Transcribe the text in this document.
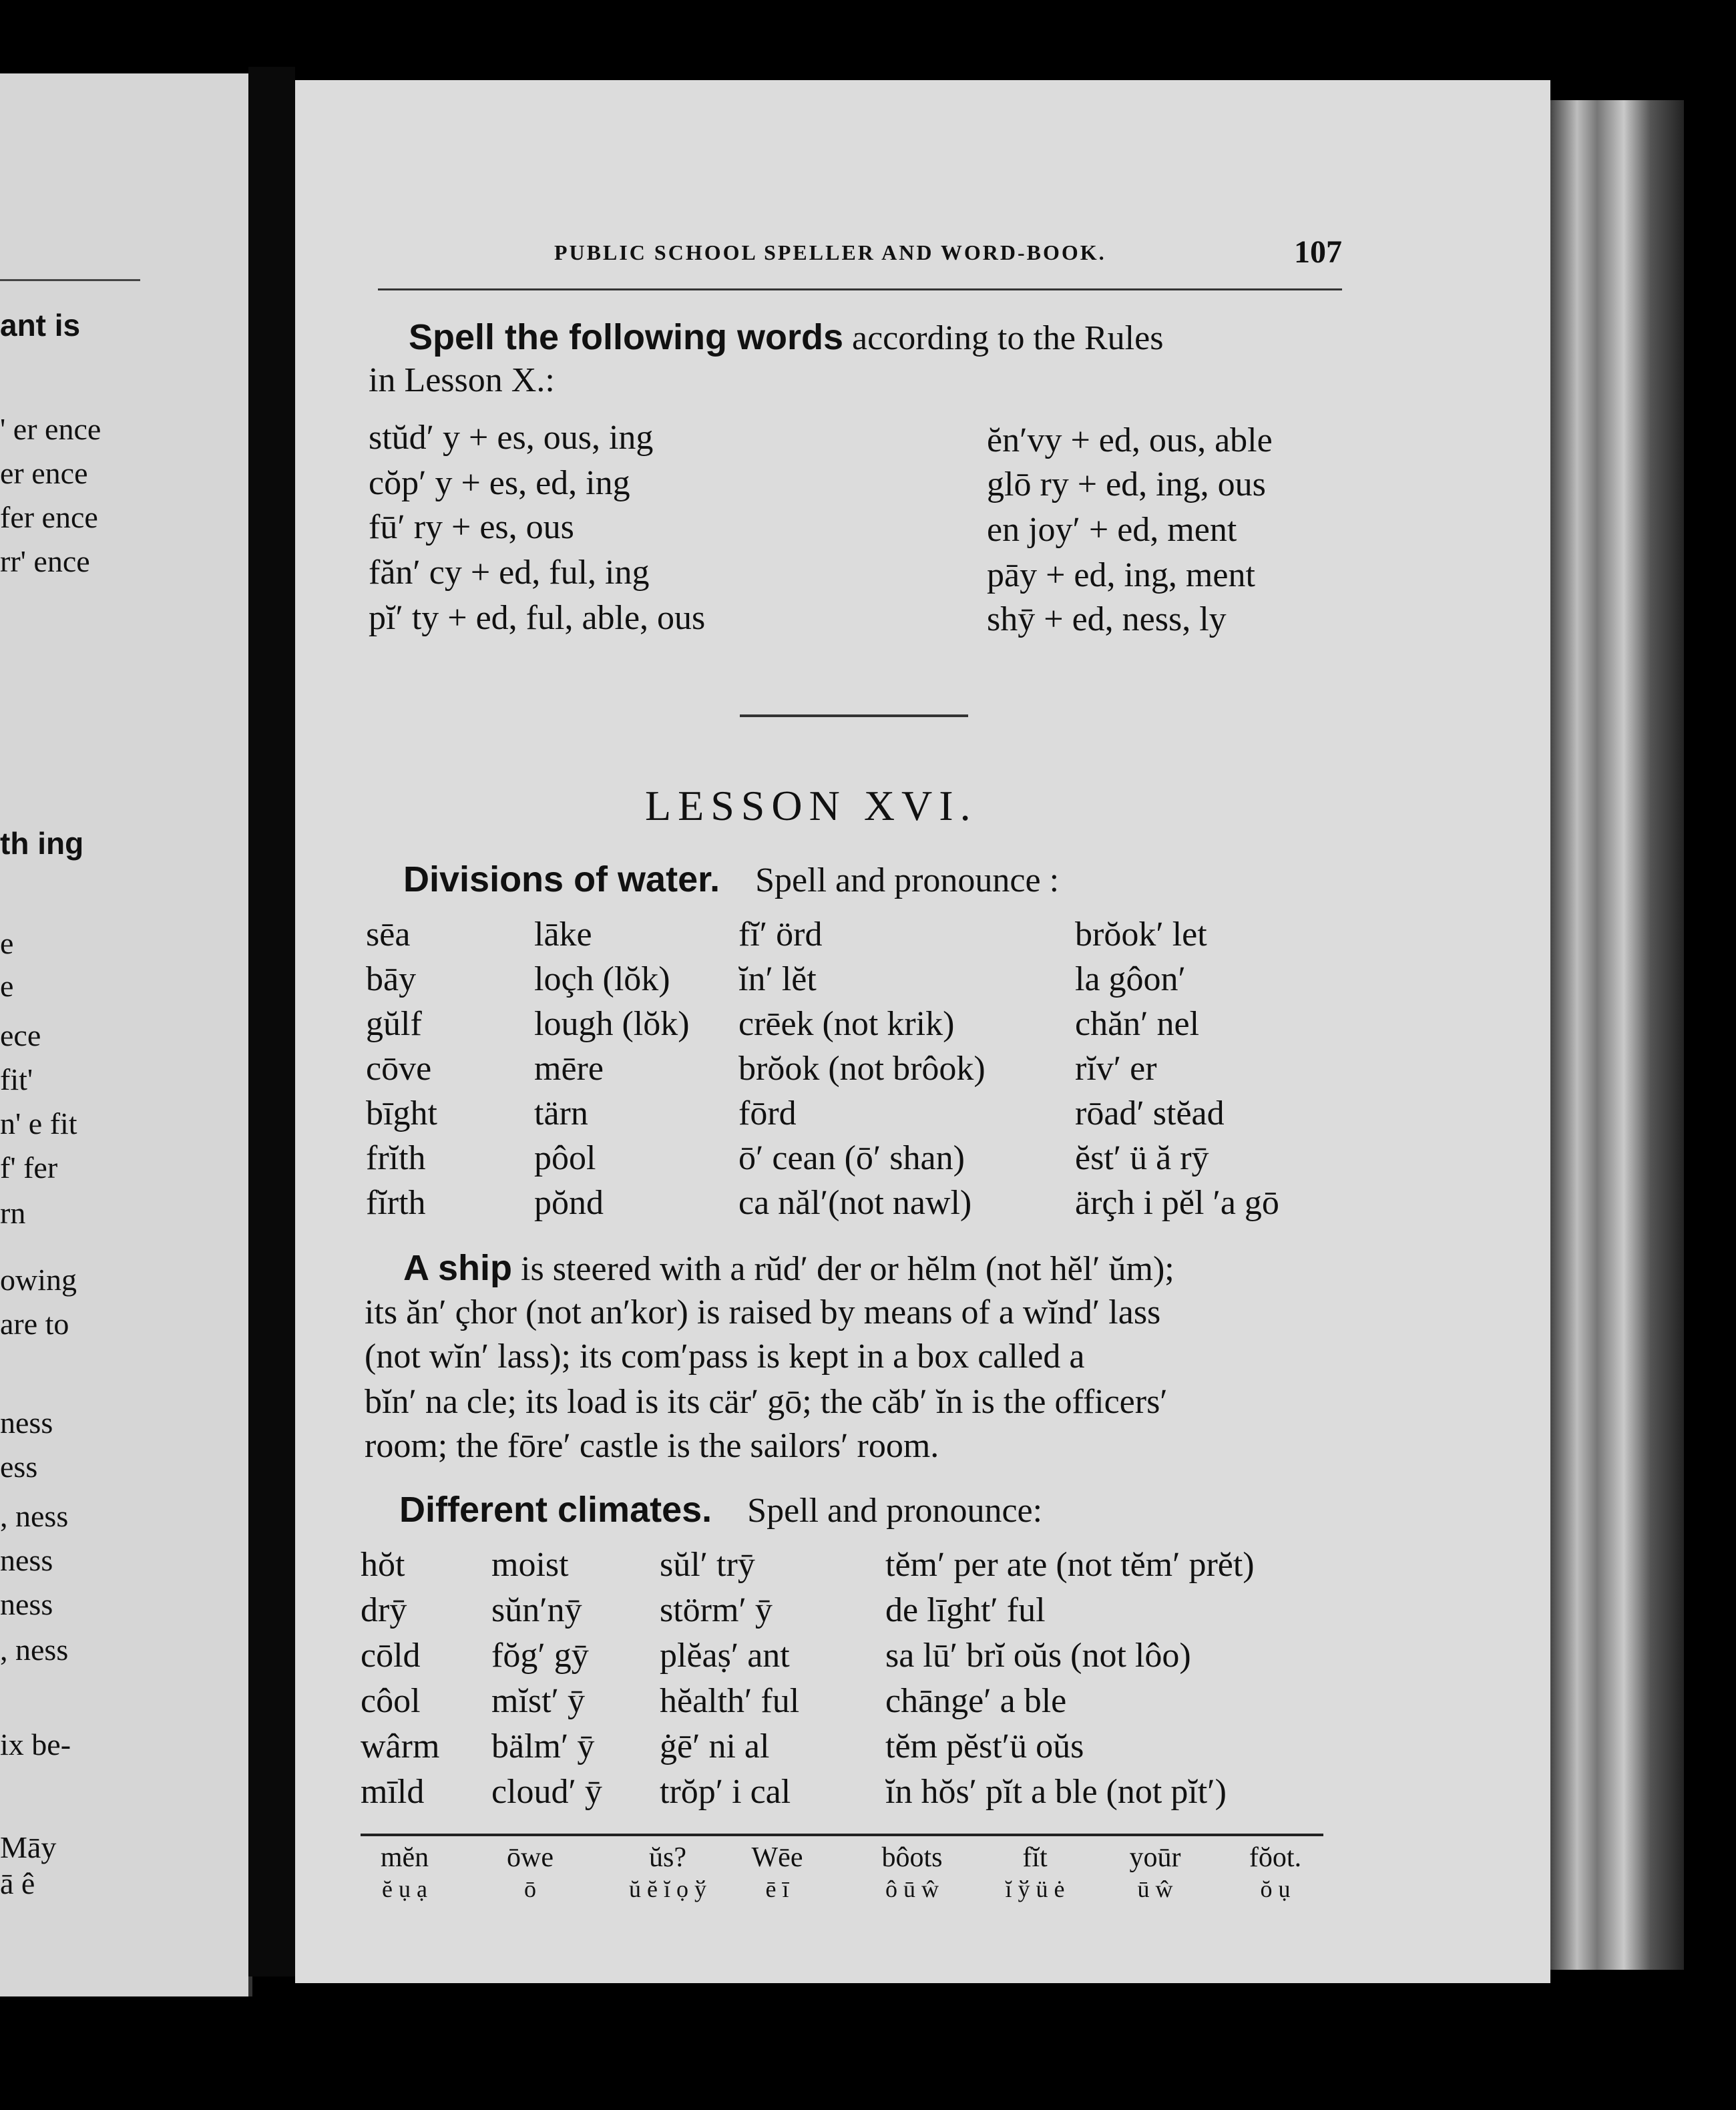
ant is
' er ence
er ence
fer ence
rr' ence
th ing
e
e
ece
fit'
n' e fit
f' fer
rn
owing
are to
ness
ess
, ness
ness
ness
, ness
ix be-
Māy
ā ê
PUBLIC SCHOOL SPELLER AND WORD-BOOK.	107
Spell the following words according to the Rules
in Lesson X.:
stŭd′ y + es, ous, ing
cŏp′ y + es, ed, ing
fū′ ry + es, ous
făn′ cy + ed, ful, ing
pĭ′ ty + ed, ful, able, ous
ĕn′vy + ed, ous, able
glō ry + ed, ing, ous
en joy′ + ed, ment
pāy + ed, ing, ment
shȳ + ed, ness, ly
LESSON XVI.
Divisions of water. Spell and pronounce :
sēa
bāy
gŭlf
cōve
bīght
frĭth
fĭrth
lāke
loçh (lŏk)
lough (lŏk)
mēre
tärn
pôol
pŏnd
fĭ′ örd
ĭn′ lĕt
crēek (not krik)
brŏok (not brôok)
fōrd
ō′ cean (ō′ shan)
ca năl′(not nawl)
brŏok′ let
la gôon′
chăn′ nel
rĭv′ er
rōad′ stĕad
ĕst′ ü ă rȳ
ärçh i pĕl ′a gō
A ship is steered with a rŭd′ der or hĕlm (not hĕl′ ŭm);
its ăn′ çhor (not an′kor) is raised by means of a wĭnd′ lass
(not wĭn′ lass); its com′pass is kept in a box called a
bĭn′ na cle; its load is its cär′ gō; the căb′ ĭn is the officers′
room; the fōre′ castle is the sailors′ room.
Different climates. Spell and pronounce:
hŏt
drȳ
cōld
côol
wârm
mīld
moist
sŭn′nȳ
fŏg′ gȳ
mĭst′ ȳ
bälm′ ȳ
cloud′ ȳ
sŭl′ trȳ
störm′ ȳ
plĕaṣ′ ant
hĕalth′ ful
ġē′ ni al
trŏp′ i cal
tĕm′ per ate (not tĕm′ prĕt)
de līght′ ful
sa lū′ brĭ oŭs (not lôo)
chānge′ a ble
tĕm pĕst′ü oŭs
ĭn hŏs′ pĭt a ble (not pĭt′)
mĕn
ĕ ụ ạ
ōwe
ō
ŭs?
ŭ ĕ ĭ ọ ў
Wēe
ē ī
bôots
ô ū ŵ
fĭt
ĭ ў ü ė
yoūr
ū ŵ
fŏot.
ŏ ụ
